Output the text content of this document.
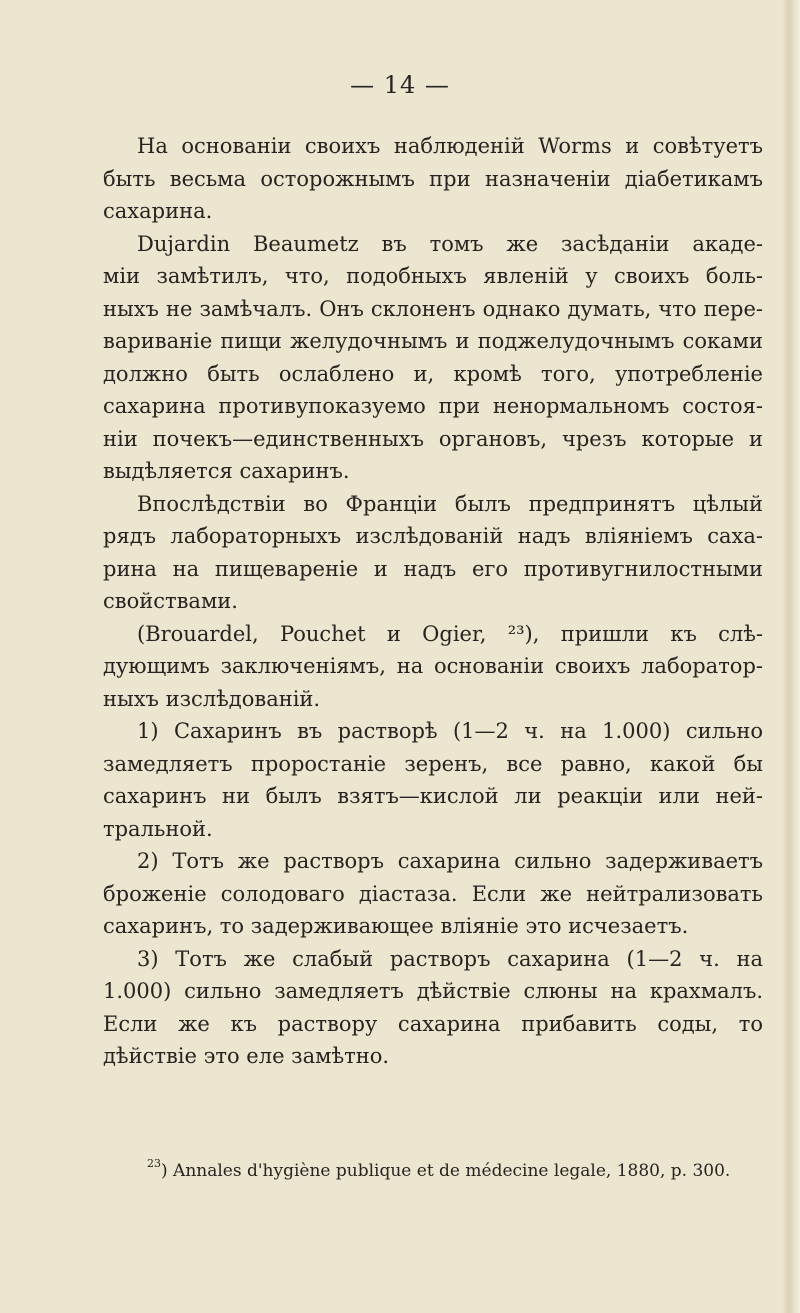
— 14 —
На основаніи своихъ наблюденій Worms и совѣтуетъ
быть весьма осторожнымъ при назначеніи діабетикамъ
сахарина.
Dujardin Beaumetz въ томъ же засѣданіи акаде-
міи замѣтилъ, что, подобныхъ явленій у своихъ боль-
ныхъ не замѣчалъ. Онъ склоненъ однако думать, что пере-
вариваніе пищи желудочнымъ и поджелудочнымъ соками
должно быть ослаблено и, кромѣ того, употребленіе
сахарина противупоказуемо при ненормальномъ состоя-
ніи почекъ—единственныхъ органовъ, чрезъ которые и
выдѣляется сахаринъ.
Впослѣдствіи во Франціи былъ предпринятъ цѣлый
рядъ лабораторныхъ изслѣдованій надъ вліяніемъ саха-
рина на пищевареніе и надъ его противугнилостными
свойствами.
(Brouardel, Pouchet и Ogier, ²³), пришли къ слѣ-
дующимъ заключеніямъ, на основаніи своихъ лаборатор-
ныхъ изслѣдованій.
1) Сахаринъ въ растворѣ (1—2 ч. на 1.000) сильно
замедляетъ проростаніе зеренъ, все равно, какой бы
сахаринъ ни былъ взятъ—кислой ли реакціи или ней-
тральной.
2) Тотъ же растворъ сахарина сильно задерживаетъ
броженіе солодоваго діастаза. Если же нейтрализовать
сахаринъ, то задерживающее вліяніе это исчезаетъ.
3) Тотъ же слабый растворъ сахарина (1—2 ч. на
1.000) сильно замедляетъ дѣйствіе слюны на крахмалъ.
Если же къ раствору сахарина прибавить соды, то
дѣйствіе это еле замѣтно.
$^{23}$) Annales d'hygiène publique et de médecine legale, 1880, p. 300.
